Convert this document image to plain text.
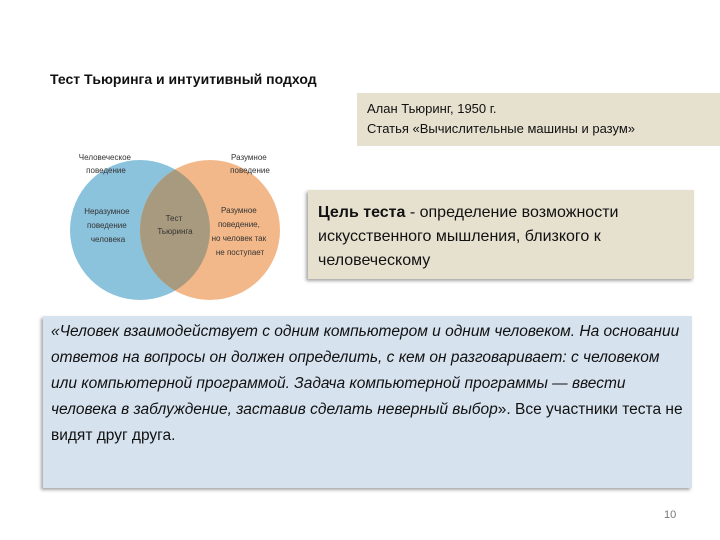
Тест Тьюринга и интуитивный подход
Алан Тьюринг, 1950 г.
Статья «Вычислительные машины и разум»
Человеческое поведение
Разумное поведение
Неразумное поведение человека
Тест Тьюринга
Разумное поведение, но человек так не поступает
Цель теста - определение возможности искусственного мышления, близкого к человеческому
«Человек взаимодействует с одним компьютером и одним человеком. На основании ответов на вопросы он должен определить, с кем он разговаривает: с человеком или компьютерной программой. Задача компьютерной программы — ввести человека в заблуждение, заставив сделать неверный выбор». Все участники теста не видят друг друга.
10
